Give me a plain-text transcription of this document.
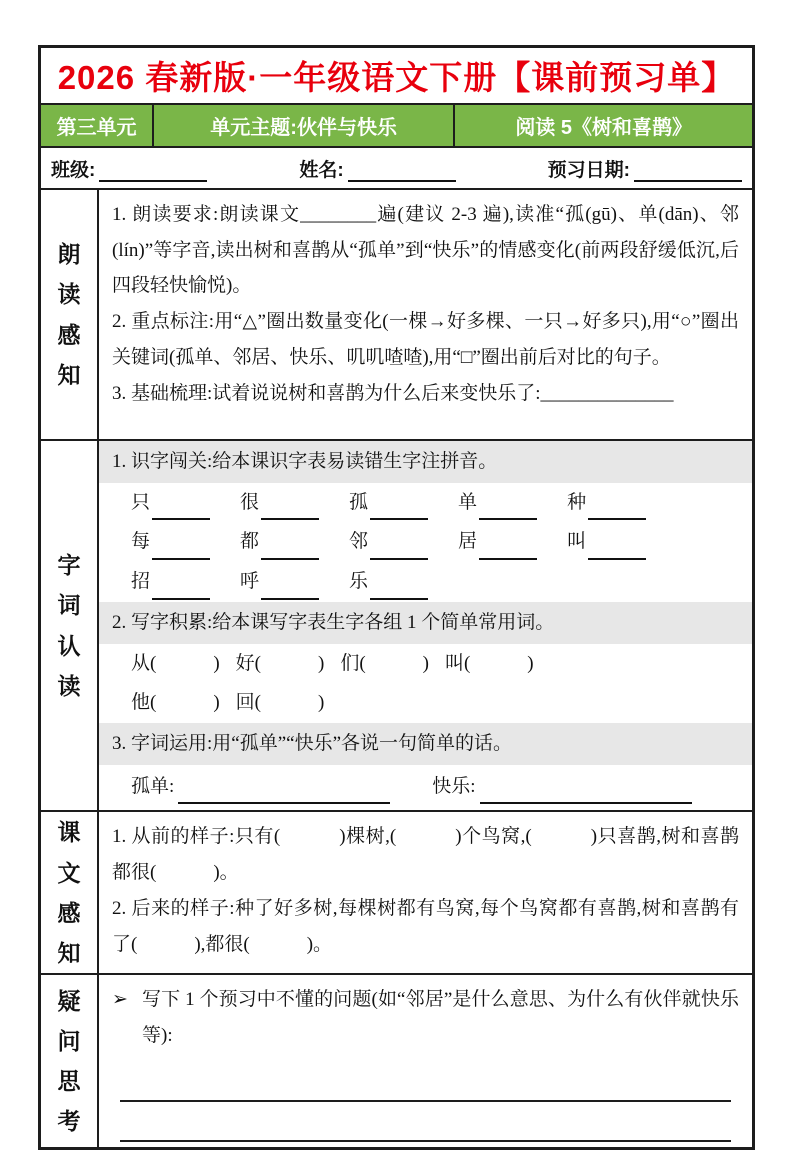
2026 春新版·一年级语文下册【课前预习单】
第三单元	单元主题:伙伴与快乐	阅读 5《树和喜鹊》
班级:	姓名:	预习日期:
朗读感知

1. 朗读要求:朗读课文________遍(建议 2-3 遍),读准“孤(gū)、单(dān)、邻(lín)”等字音,读出树和喜鹊从“孤单”到“快乐”的情感变化(前两段舒缓低沉,后四段轻快愉悦)。

2. 重点标注:用“△”圈出数量变化(一棵→好多棵、一只→好多只),用“○”圈出关键词(孤单、邻居、快乐、叽叽喳喳),用“□”圈出前后对比的句子。

3. 基础梳理:试着说说树和喜鹊为什么后来变快乐了:______________

字词认读
1. 识字闯关:给本课识字表易读错生字注拼音。
只	很	孤	单	种
每	都	邻	居	叫
招	呼	乐
2. 写字积累:给本课写字表生字各组 1 个简单常用词。
从(　　　) 好(　　　) 们(　　　) 叫(　　　)
他(　　　) 回(　　　)
3. 字词运用:用“孤单”“快乐”各说一句简单的话。
孤单:	快乐:
课文感知

1. 从前的样子:只有(　　　)棵树,(　　　)个鸟窝,(　　　)只喜鹊,树和喜鹊都很(　　　)。

2. 后来的样子:种了好多树,每棵树都有鸟窝,每个鸟窝都有喜鹊,树和喜鹊有了(　　　),都很(　　　)。

疑问思考
➢ 写下 1 个预习中不懂的问题(如“邻居”是什么意思、为什么有伙伴就快乐等):
